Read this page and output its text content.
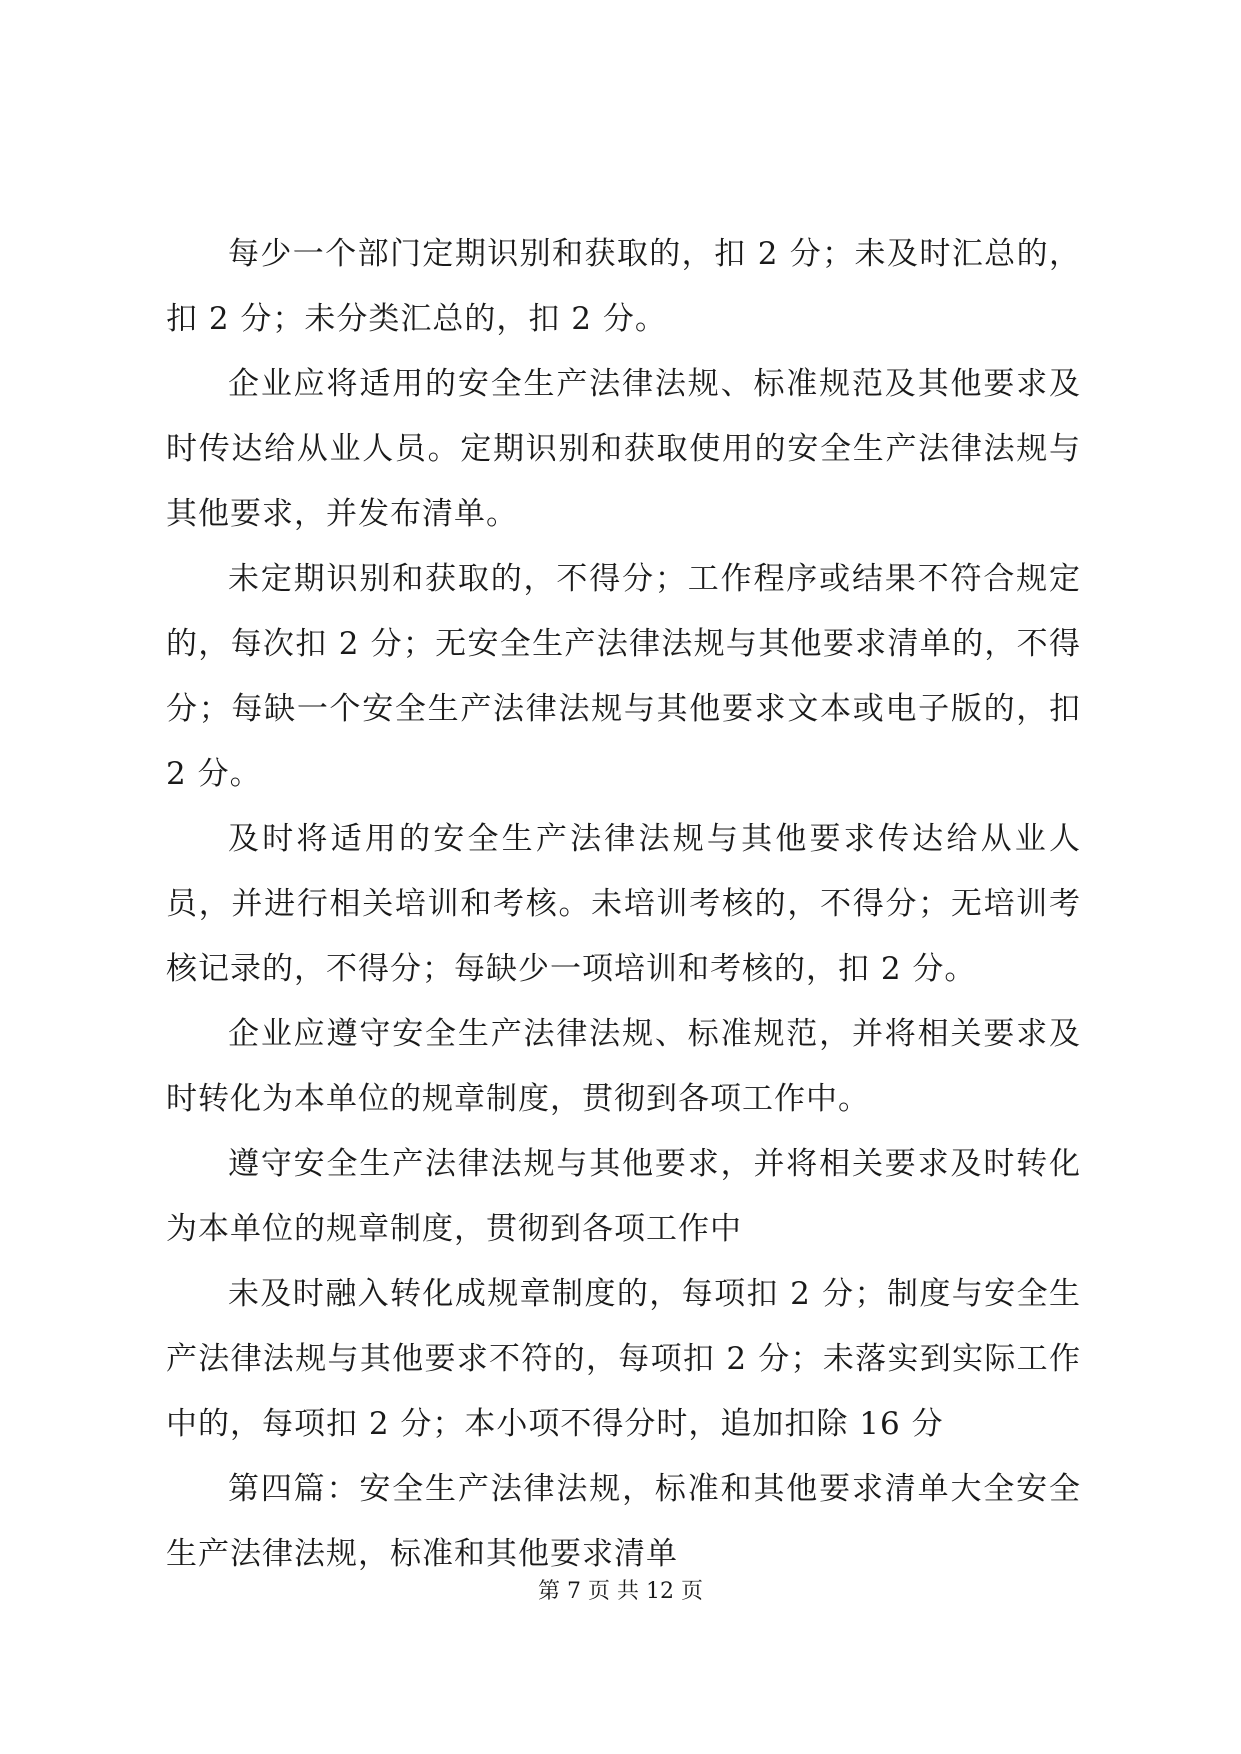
每少一个部门定期识别和获取的，扣 2 分；未及时汇总的，扣 2 分；未分类汇总的，扣 2 分。

企业应将适用的安全生产法律法规、标准规范及其他要求及时传达给从业人员。定期识别和获取使用的安全生产法律法规与其他要求，并发布清单。

未定期识别和获取的，不得分；工作程序或结果不符合规定的，每次扣 2 分；无安全生产法律法规与其他要求清单的，不得分；每缺一个安全生产法律法规与其他要求文本或电子版的，扣 2 分。

及时将适用的安全生产法律法规与其他要求传达给从业人员，并进行相关培训和考核。未培训考核的，不得分；无培训考核记录的，不得分；每缺少一项培训和考核的，扣 2 分。

企业应遵守安全生产法律法规、标准规范，并将相关要求及时转化为本单位的规章制度，贯彻到各项工作中。

遵守安全生产法律法规与其他要求，并将相关要求及时转化为本单位的规章制度，贯彻到各项工作中

未及时融入转化成规章制度的，每项扣 2 分；制度与安全生产法律法规与其他要求不符的，每项扣 2 分；未落实到实际工作中的，每项扣 2 分；本小项不得分时，追加扣除 16 分

第四篇：安全生产法律法规，标准和其他要求清单大全安全生产法律法规，标准和其他要求清单

第 7 页 共 12 页
